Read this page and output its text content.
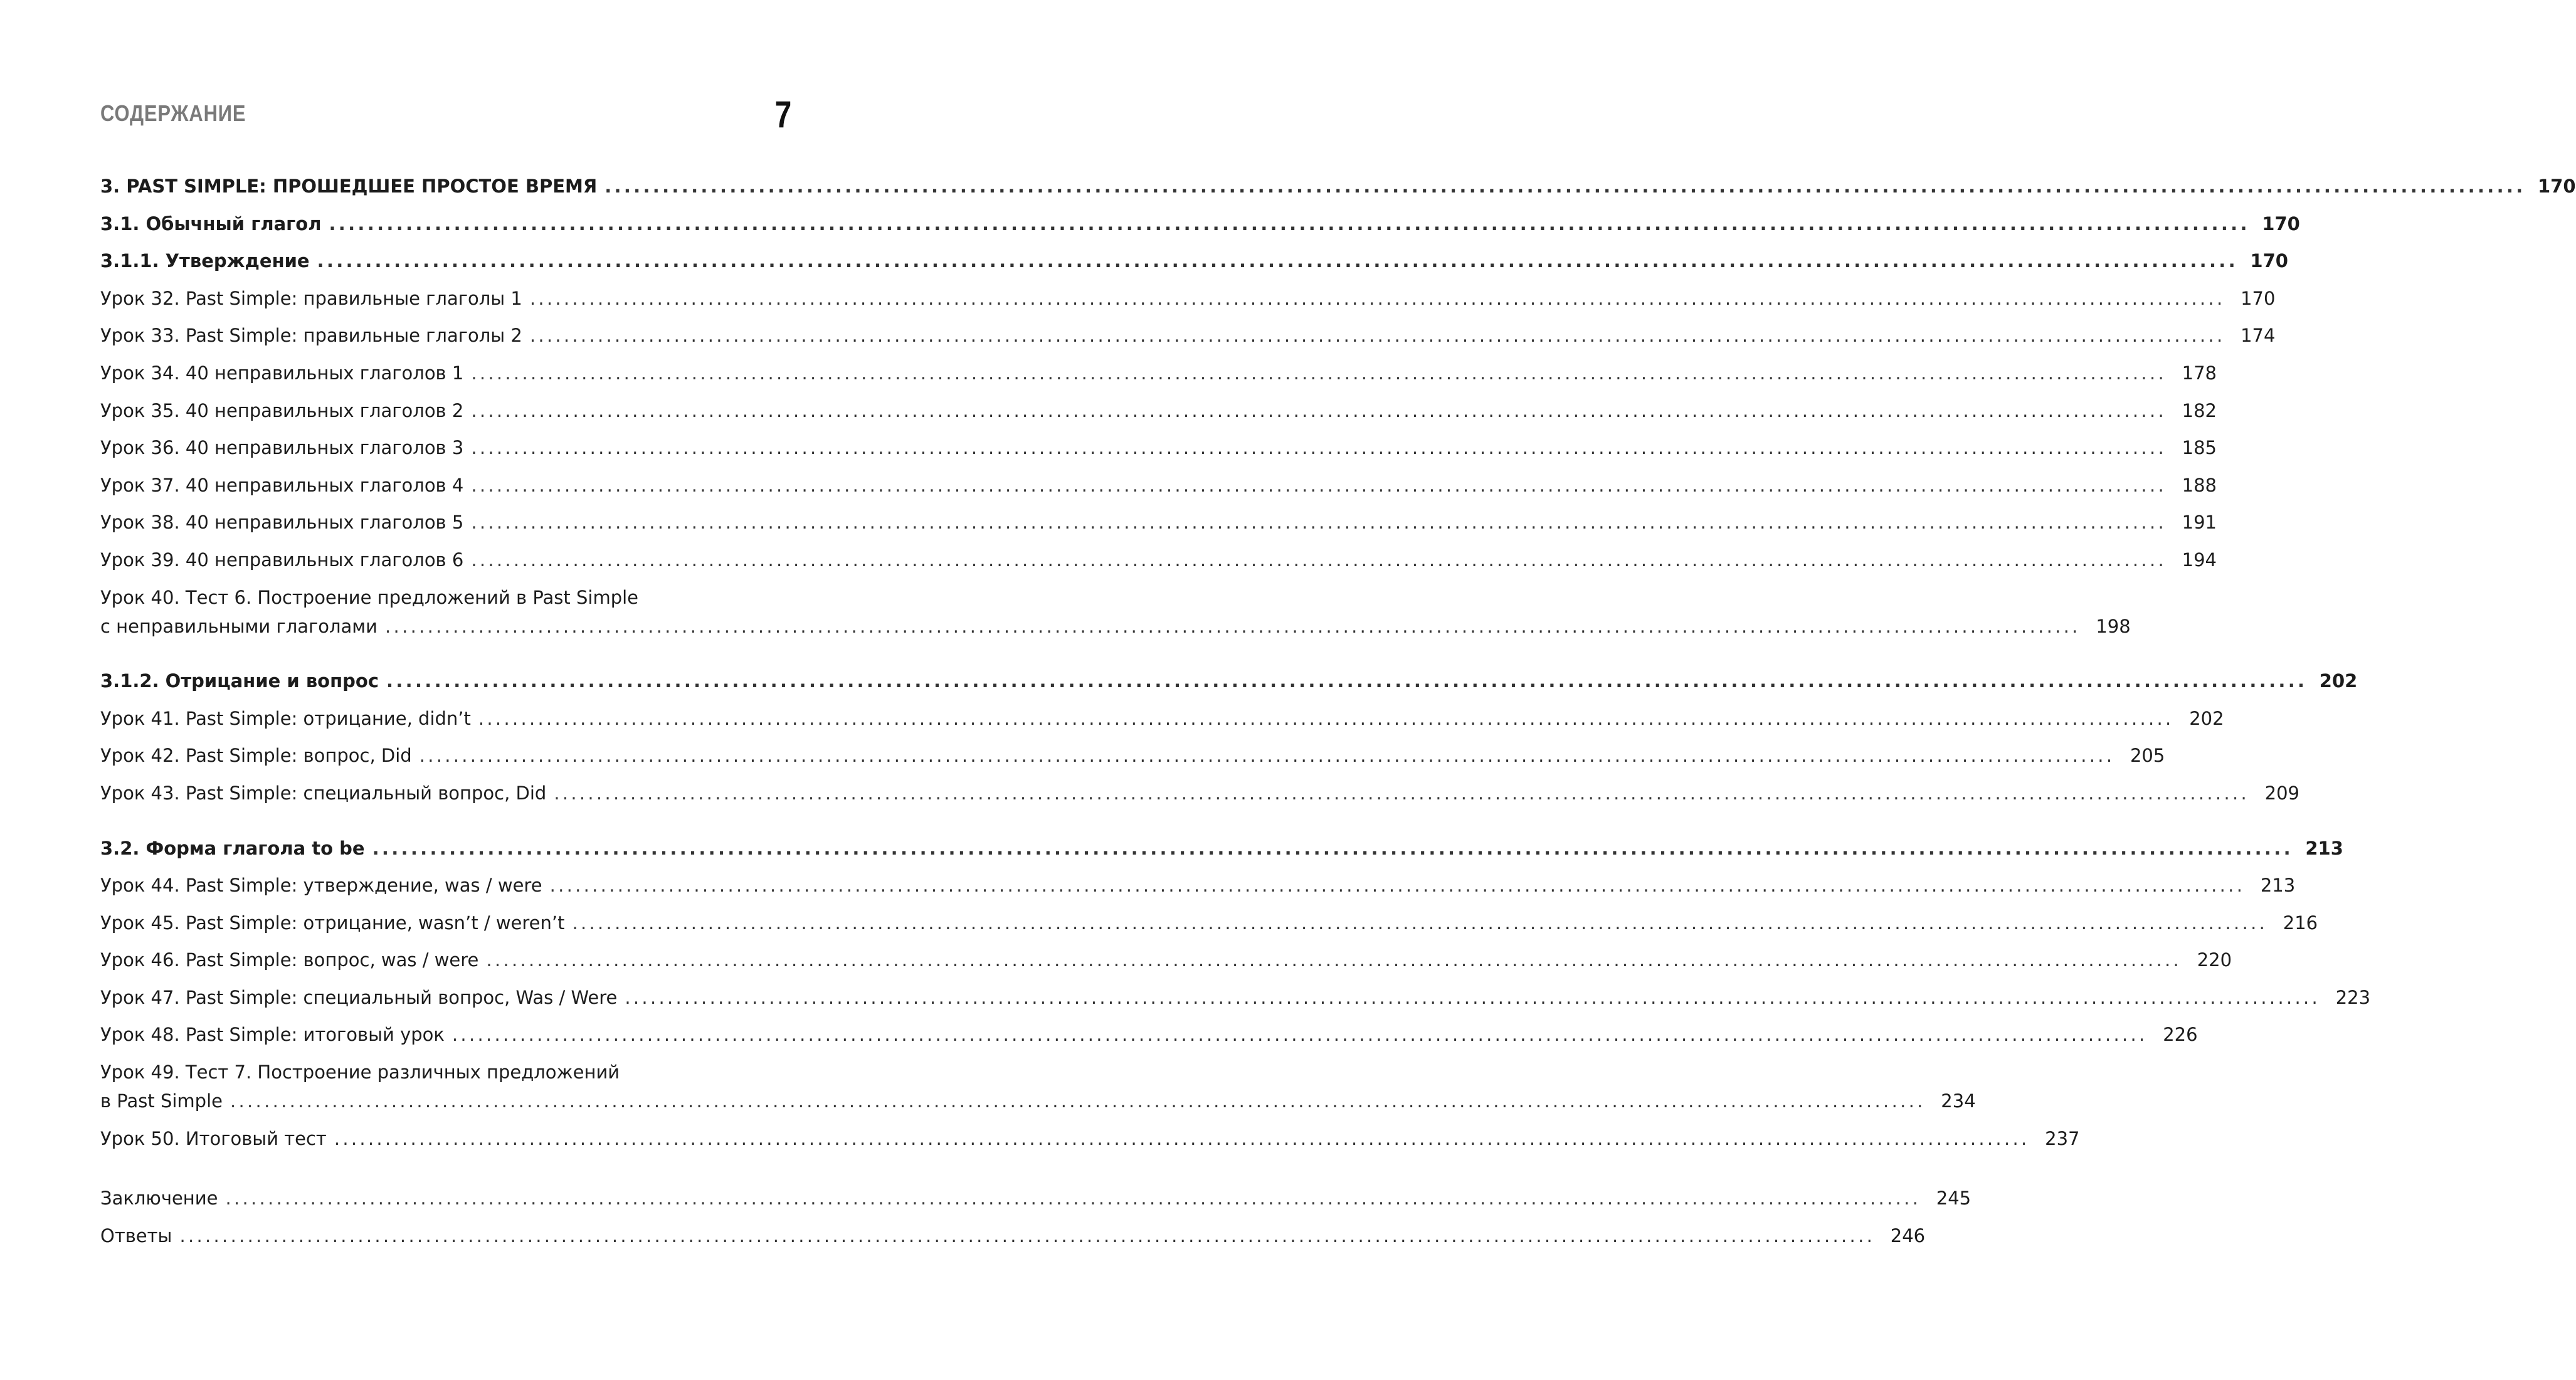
СОДЕРЖАНИЕ	7
3. PAST SIMPLE: ПРОШЕДШЕЕ ПРОСТОЕ ВРЕМЯ ........................................................................................................................................................................................................ 170
3.1. Обычный глагол ........................................................................................................................................................................................................ 170
3.1.1. Утверждение ........................................................................................................................................................................................................ 170
Урок 32. Past Simple: правильные глаголы 1 ........................................................................................................................................................................................................ 170
Урок 33. Past Simple: правильные глаголы 2 ........................................................................................................................................................................................................ 174
Урок 34. 40 неправильных глаголов 1 ........................................................................................................................................................................................................ 178
Урок 35. 40 неправильных глаголов 2 ........................................................................................................................................................................................................ 182
Урок 36. 40 неправильных глаголов 3 ........................................................................................................................................................................................................ 185
Урок 37. 40 неправильных глаголов 4 ........................................................................................................................................................................................................ 188
Урок 38. 40 неправильных глаголов 5 ........................................................................................................................................................................................................ 191
Урок 39. 40 неправильных глаголов 6 ........................................................................................................................................................................................................ 194
Урок 40. Тест 6. Построение предложений в Past Simple
с неправильными глаголами ........................................................................................................................................................................................................ 198
3.1.2. Отрицание и вопрос ........................................................................................................................................................................................................ 202
Урок 41. Past Simple: отрицание, didn’t ........................................................................................................................................................................................................ 202
Урок 42. Past Simple: вопрос, Did ........................................................................................................................................................................................................ 205
Урок 43. Past Simple: специальный вопрос, Did ........................................................................................................................................................................................................ 209
3.2. Форма глагола to be ........................................................................................................................................................................................................ 213
Урок 44. Past Simple: утверждение, was / were ........................................................................................................................................................................................................ 213
Урок 45. Past Simple: отрицание, wasn’t / weren’t ........................................................................................................................................................................................................ 216
Урок 46. Past Simple: вопрос, was / were ........................................................................................................................................................................................................ 220
Урок 47. Past Simple: специальный вопрос, Was / Were ........................................................................................................................................................................................................ 223
Урок 48. Past Simple: итоговый урок ........................................................................................................................................................................................................ 226
Урок 49. Тест 7. Построение различных предложений
в Past Simple ........................................................................................................................................................................................................ 234
Урок 50. Итоговый тест ........................................................................................................................................................................................................ 237
Заключение ........................................................................................................................................................................................................ 245
Ответы ........................................................................................................................................................................................................ 246
